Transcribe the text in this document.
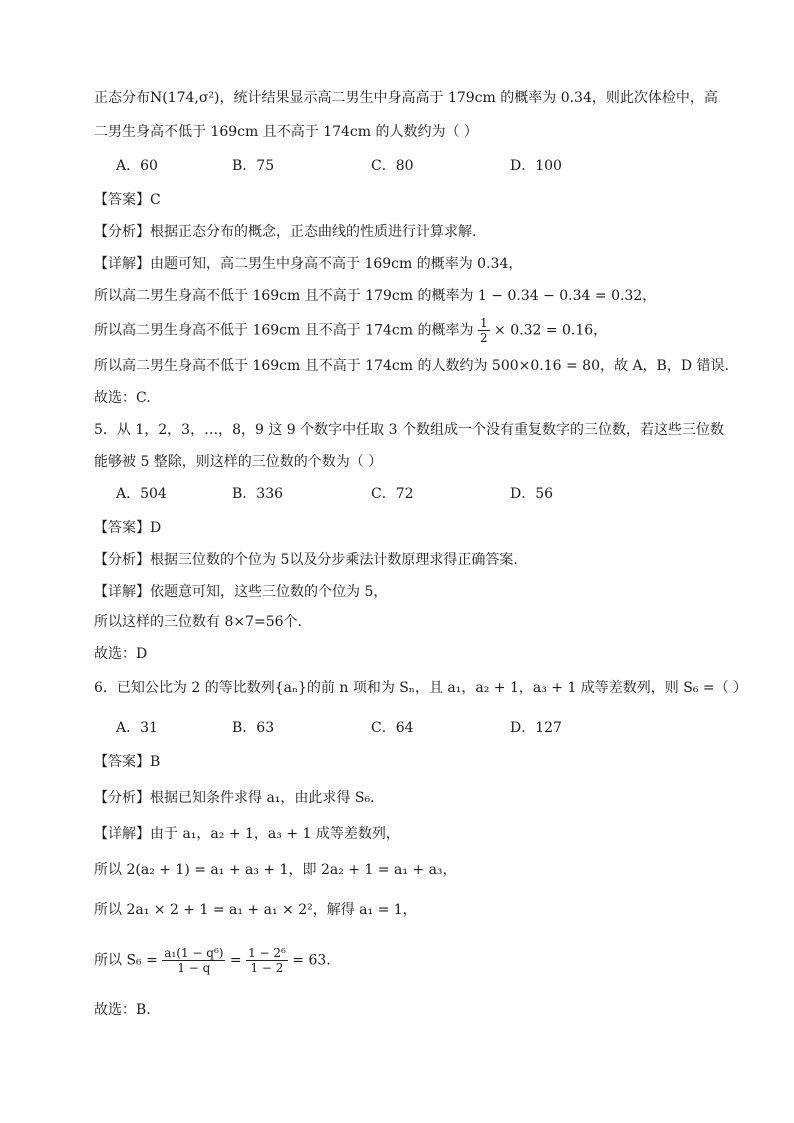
正态分布N(174,σ²)，统计结果显示高二男生中身高高于 179cm 的概率为 0.34，则此次体检中，高
二男生身高不低于 169cm 且不高于 174cm 的人数约为（ ）
A．60	B．75	C．80	D．100
【答案】C
【分析】根据正态分布的概念，正态曲线的性质进行计算求解.
【详解】由题可知，高二男生中身高不高于 169cm 的概率为 0.34，
所以高二男生身高不低于 169cm 且不高于 179cm 的概率为 1 − 0.34 − 0.34 = 0.32，
所以高二男生身高不低于 169cm 且不高于 174cm 的概率为 $\frac{1}{2} \times 0.32 = 0.16$，
所以高二男生身高不低于 169cm 且不高于 174cm 的人数约为 500×0.16 = 80，故 A，B，D 错误.
故选：C.
5．从 1，2，3，…，8，9 这 9 个数字中任取 3 个数组成一个没有重复数字的三位数，若这些三位数
能够被 5 整除，则这样的三位数的个数为（ ）
A．504	B．336	C．72	D．56
【答案】D
【分析】根据三位数的个位为 5以及分步乘法计数原理求得正确答案.
【详解】依题意可知，这些三位数的个位为 5，
所以这样的三位数有 8×7=56个.
故选：D
6．已知公比为 2 的等比数列{aₙ}的前 n 项和为 Sₙ，且 a₁，a₂ + 1，a₃ + 1 成等差数列，则 S₆ =（ ）
A．31	B．63	C．64	D．127
【答案】B
【分析】根据已知条件求得 a₁，由此求得 S₆.
【详解】由于 a₁，a₂ + 1，a₃ + 1 成等差数列，
所以 2(a₂ + 1) = a₁ + a₃ + 1，即 2a₂ + 1 = a₁ + a₃，
所以 2a₁ × 2 + 1 = a₁ + a₁ × 2²，解得 a₁ = 1，
所以 $S_6 = \frac{\text{a₁(1 − q⁶)}}{1 - q} = \frac{\text{1 − 2⁶}}{1 - 2} = 63$.
故选：B.
